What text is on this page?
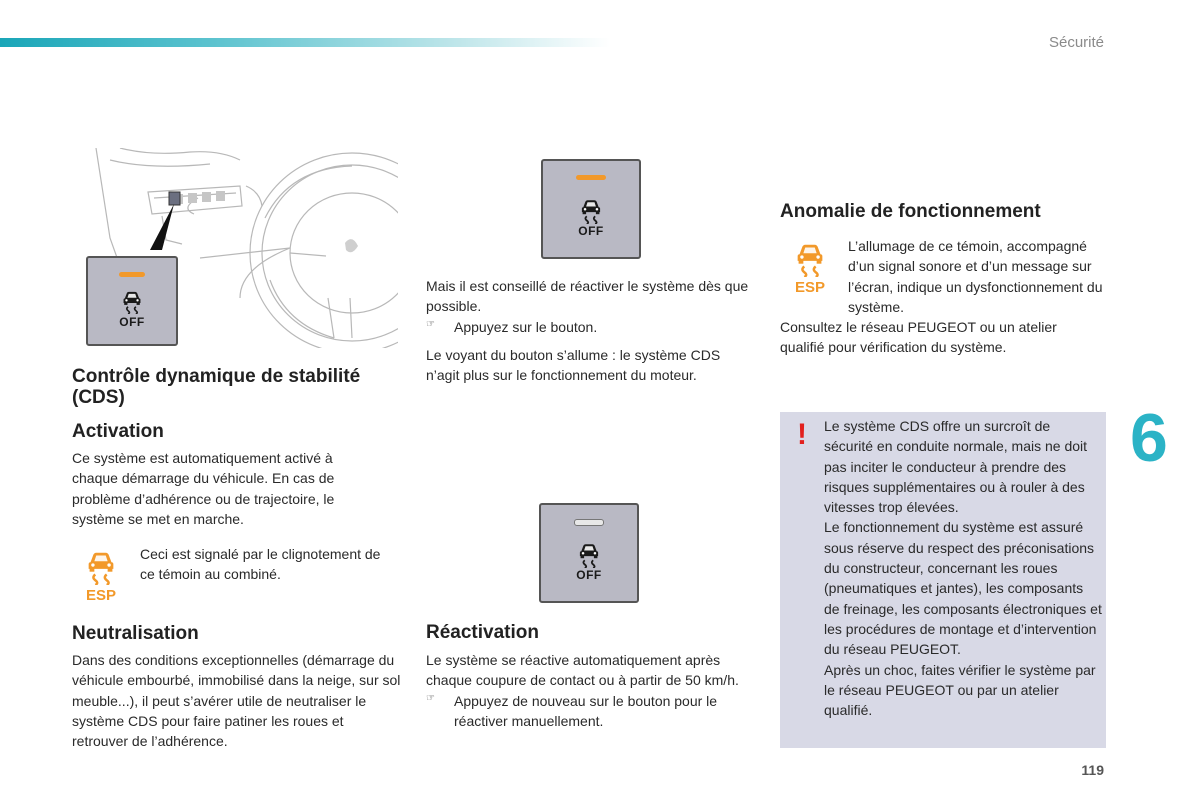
Sécurité
6
119
OFF
Contrôle dynamique de stabilité (CDS)
Activation

Ce système est automatiquement activé à chaque démarrage du véhicule. En cas de problème d’adhérence ou de trajectoire, le système se met en marche.

ESP

Ceci est signalé par le clignotement de ce témoin au combiné.

Neutralisation

Dans des conditions exceptionnelles (démarrage du véhicule embourbé, immobilisé dans la neige, sur sol meuble...), il peut s’avérer utile de neutraliser le système CDS pour faire patiner les roues et retrouver de l’adhérence.

OFF

Mais il est conseillé de réactiver le système dès que possible.

☞	Appuyez sur le bouton.

Le voyant du bouton s’allume : le système CDS n’agit plus sur le fonctionnement du moteur.

OFF
Réactivation

Le système se réactive automatiquement après chaque coupure de contact ou à partir de 50 km/h.

☞	Appuyez de nouveau sur le bouton pour le réactiver manuellement.

Anomalie de fonctionnement
ESP

L’allumage de ce témoin, accompagné d’un signal sonore et d’un message sur l’écran, indique un dysfonctionnement du système.

Consultez le réseau PEUGEOT ou un atelier qualifié pour vérification du système.

! Le système CDS offre un surcroît de sécurité en conduite normale, mais ne doit pas inciter le conducteur à prendre des risques supplémentaires ou à rouler à des vitesses trop élevées.

Le fonctionnement du système est assuré sous réserve du respect des préconisations du constructeur, concernant les roues (pneumatiques et jantes), les composants de freinage, les composants électroniques et les procédures de montage et d’intervention du réseau PEUGEOT.

Après un choc, faites vérifier le système par le réseau PEUGEOT ou par un atelier qualifié.
